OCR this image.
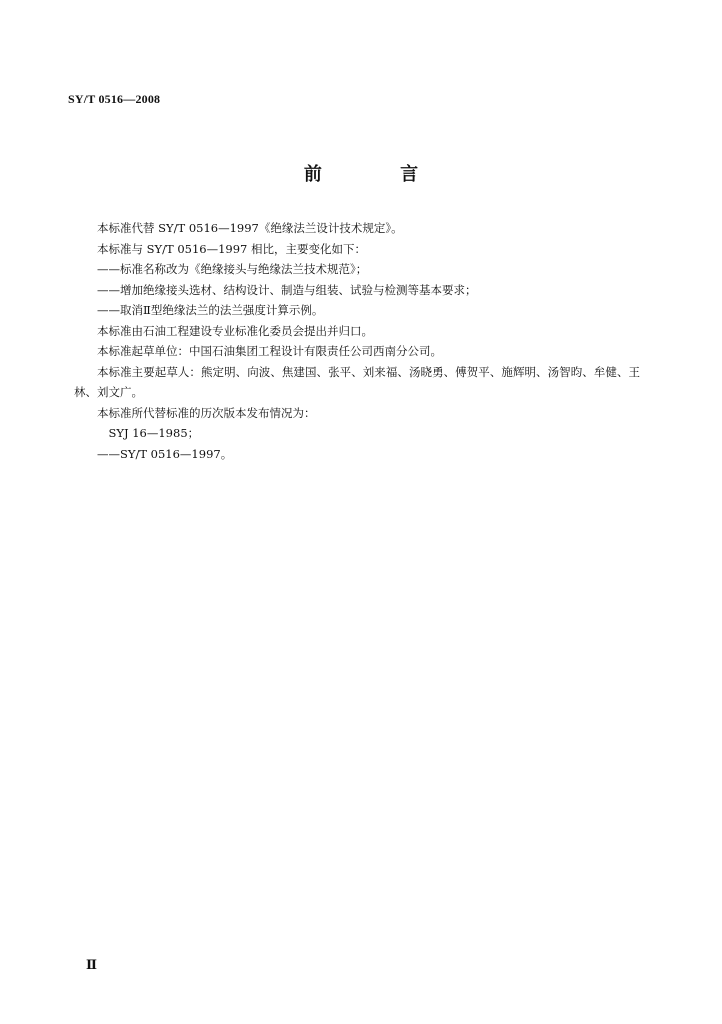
SY/T 0516—2008
前 言

本标准代替 SY/T 0516—1997《绝缘法兰设计技术规定》。

本标准与 SY/T 0516—1997 相比，主要变化如下：

——标准名称改为《绝缘接头与绝缘法兰技术规范》；

——增加绝缘接头选材、结构设计、制造与组装、试验与检测等基本要求；

——取消Ⅱ型绝缘法兰的法兰强度计算示例。

本标准由石油工程建设专业标准化委员会提出并归口。

本标准起草单位：中国石油集团工程设计有限责任公司西南分公司。

本标准主要起草人：熊定明、向波、焦建国、张平、刘来福、汤晓勇、傅贺平、施辉明、汤智昀、牟健、王林、刘文广。

本标准所代替标准的历次版本发布情况为：

SYJ 16—1985；

——SY/T 0516—1997。

Ⅱ
